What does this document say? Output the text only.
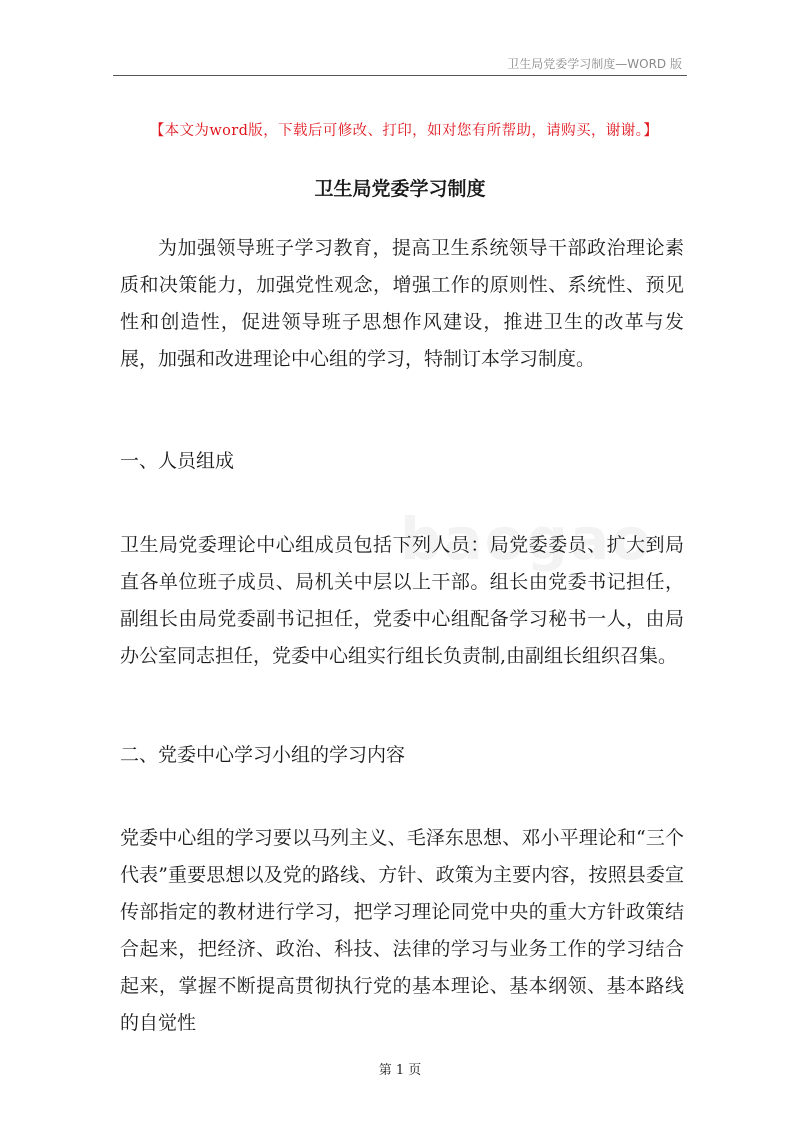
卫生局党委学习制度—WORD 版
【本文为word版，下载后可修改、打印，如对您有所帮助，请购买，谢谢。】
卫生局党委学习制度

为加强领导班子学习教育，提高卫生系统领导干部政治理论素质和决策能力，加强党性观念，增强工作的原则性、系统性、预见性和创造性，促进领导班子思想作风建设，推进卫生的改革与发展，加强和改进理论中心组的学习，特制订本学习制度。

一、人员组成

卫生局党委理论中心组成员包括下列人员：局党委委员、扩大到局直各单位班子成员、局机关中层以上干部。组长由党委书记担任，副组长由局党委副书记担任，党委中心组配备学习秘书一人，由局办公室同志担任，党委中心组实行组长负责制,由副组长组织召集。

二、党委中心学习小组的学习内容

党委中心组的学习要以马列主义、毛泽东思想、邓小平理论和“三个代表”重要思想以及党的路线、方针、政策为主要内容，按照县委宣传部指定的教材进行学习，把学习理论同党中央的重大方针政策结合起来，把经济、政治、科技、法律的学习与业务工作的学习结合起来，掌握不断提高贯彻执行党的基本理论、基本纲领、基本路线的自觉性

第 1 页
